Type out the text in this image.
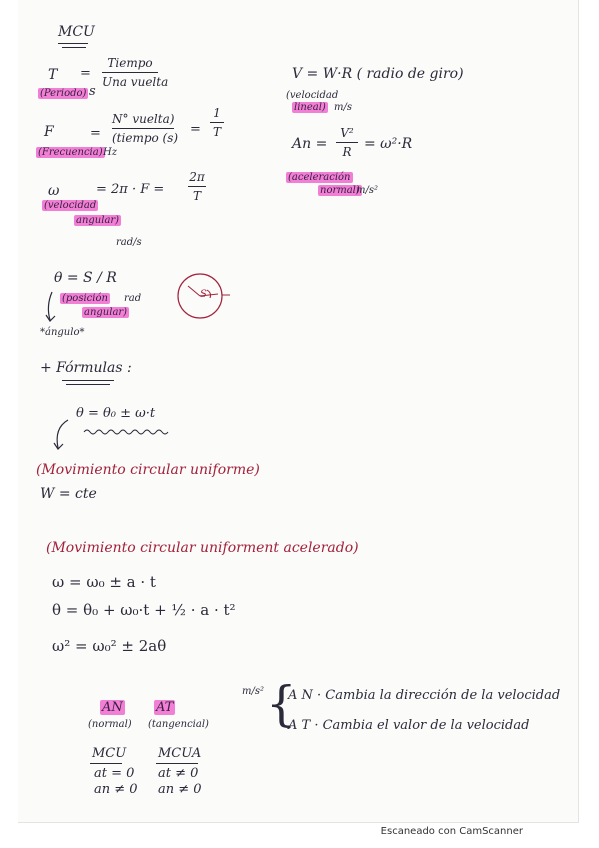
MCU
T =
Tiempo
Una vuelta
(Periodo) s
V = W·R ( radio de giro)
(velocidad
lineal) m/s
F	=
N° vuelta)
(tiempo (s)
=
1
T
(Frecuencia) Hz
An =
V²
R = ω²·R
(aceleración
normal)
m/s²
ω	= 2π · F =
2π
T
(velocidad
angular)
rad/s
θ = S / R
(posición rad
angular)
*ángulo*
S
+ Fórmulas :
θ = θ₀ ± ω·t
(Movimiento circular uniforme)
W = cte
(Movimiento circular uniforment acelerado)
ω = ω₀ ± a · t
θ = θ₀ + ω₀·t + ½ · a · t²
ω² = ω₀² ± 2aθ
m/s² {
A N · Cambia la dirección de la velocidad
A T · Cambia el valor de la velocidad
AN
(normal)
AT
(tangencial)
MCU
at = 0
an ≠ 0
MCUA
at ≠ 0
an ≠ 0
Escaneado con CamScanner
